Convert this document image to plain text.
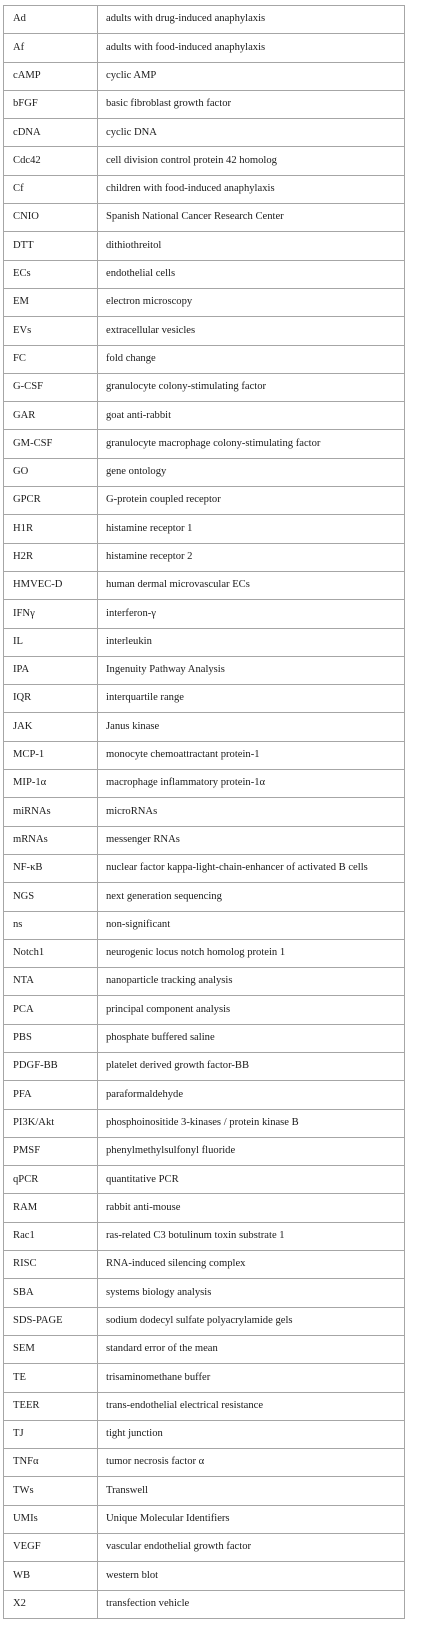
Ad	adults with drug-induced anaphylaxis
Af	adults with food-induced anaphylaxis
cAMP	cyclic AMP
bFGF	basic fibroblast growth factor
cDNA	cyclic DNA
Cdc42	cell division control protein 42 homolog
Cf	children with food-induced anaphylaxis
CNIO	Spanish National Cancer Research Center
DTT	dithiothreitol
ECs	endothelial cells
EM	electron microscopy
EVs	extracellular vesicles
FC	fold change
G-CSF	granulocyte colony-stimulating factor
GAR	goat anti-rabbit
GM-CSF	granulocyte macrophage colony-stimulating factor
GO	gene ontology
GPCR	G-protein coupled receptor
H1R	histamine receptor 1
H2R	histamine receptor 2
HMVEC-D	human dermal microvascular ECs
IFNγ	interferon-γ
IL	interleukin
IPA	Ingenuity Pathway Analysis
IQR	interquartile range
JAK	Janus kinase
MCP-1	monocyte chemoattractant protein-1
MIP-1α	macrophage inflammatory protein-1α
miRNAs	microRNAs
mRNAs	messenger RNAs
NF-κB	nuclear factor kappa-light-chain-enhancer of activated B cells
NGS	next generation sequencing
ns	non-significant
Notch1	neurogenic locus notch homolog protein 1
NTA	nanoparticle tracking analysis
PCA	principal component analysis
PBS	phosphate buffered saline
PDGF-BB	platelet derived growth factor-BB
PFA	paraformaldehyde
PI3K/Akt	phosphoinositide 3-kinases / protein kinase B
PMSF	phenylmethylsulfonyl fluoride
qPCR	quantitative PCR
RAM	rabbit anti-mouse
Rac1	ras-related C3 botulinum toxin substrate 1
RISC	RNA-induced silencing complex
SBA	systems biology analysis
SDS-PAGE	sodium dodecyl sulfate polyacrylamide gels
SEM	standard error of the mean
TE	trisaminomethane buffer
TEER	trans-endothelial electrical resistance
TJ	tight junction
TNFα	tumor necrosis factor α
TWs	Transwell
UMIs	Unique Molecular Identifiers
VEGF	vascular endothelial growth factor
WB	western blot
X2	transfection vehicle
